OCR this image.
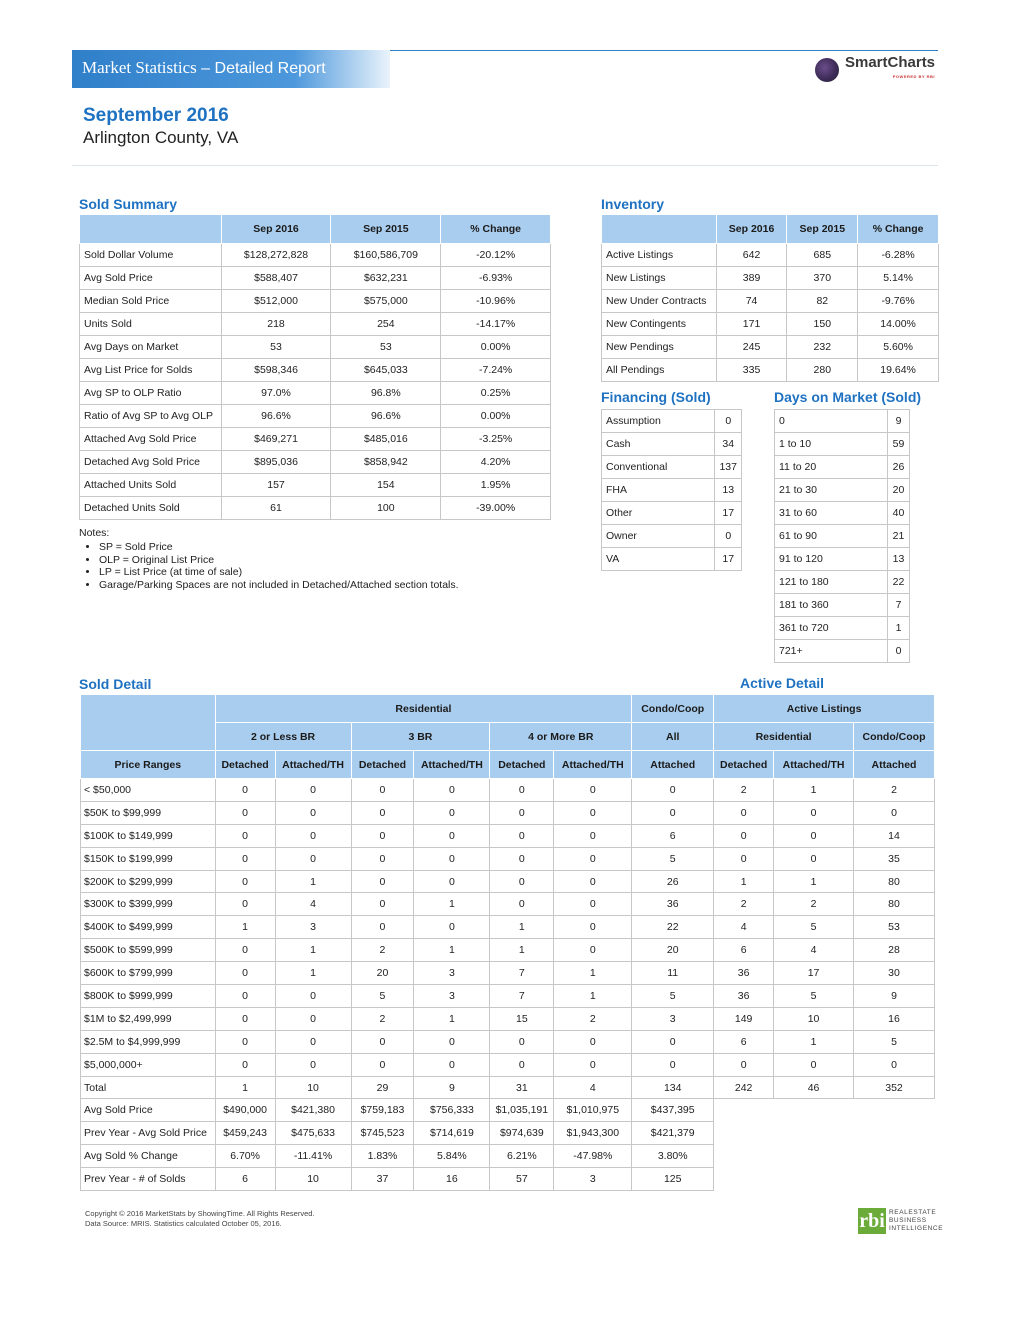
Market Statistics – Detailed Report	SmartCharts
POWERED BY RBI
September 2016
Arlington County, VA
Sold Summary
	Sep 2016	Sep 2015	% Change
Sold Dollar Volume	$128,272,828	$160,586,709	-20.12%
Avg Sold Price	$588,407	$632,231	-6.93%
Median Sold Price	$512,000	$575,000	-10.96%
Units Sold	218	254	-14.17%
Avg Days on Market	53	53	0.00%
Avg List Price for Solds	$598,346	$645,033	-7.24%
Avg SP to OLP Ratio	97.0%	96.8%	0.25%
Ratio of Avg SP to Avg OLP	96.6%	96.6%	0.00%
Attached Avg Sold Price	$469,271	$485,016	-3.25%
Detached Avg Sold Price	$895,036	$858,942	4.20%
Attached Units Sold	157	154	1.95%
Detached Units Sold	61	100	-39.00%
Notes:
• SP = Sold Price
• OLP = Original List Price
• LP = List Price (at time of sale)
• Garage/Parking Spaces are not included in Detached/Attached section totals.
Inventory
	Sep 2016	Sep 2015	% Change
Active Listings	642	685	-6.28%
New Listings	389	370	5.14%
New Under Contracts	74	82	-9.76%
New Contingents	171	150	14.00%
New Pendings	245	232	5.60%
All Pendings	335	280	19.64%
Financing (Sold)
Assumption	0
Cash	34
Conventional	137
FHA	13
Other	17
Owner	0
VA	17
Days on Market (Sold)
0	9
1 to 10	59
11 to 20	26
21 to 30	20
31 to 60	40
61 to 90	21
91 to 120	13
121 to 180	22
181 to 360	7
361 to 720	1
721+	0
Sold Detail	Active Detail
	Residential						Condo/Coop	Active Listings		
	2 or Less BR		3 BR		4 or More BR		All	Residential		Condo/Coop
Price Ranges	Detached	Attached/TH	Detached	Attached/TH	Detached	Attached/TH	Attached	Detached	Attached/TH	Attached
< $50,000	0	0	0	0	0	0	0	2	1	2
$50K to $99,999	0	0	0	0	0	0	0	0	0	0
$100K to $149,999	0	0	0	0	0	0	6	0	0	14
$150K to $199,999	0	0	0	0	0	0	5	0	0	35
$200K to $299,999	0	1	0	0	0	0	26	1	1	80
$300K to $399,999	0	4	0	1	0	0	36	2	2	80
$400K to $499,999	1	3	0	0	1	0	22	4	5	53
$500K to $599,999	0	1	2	1	1	0	20	6	4	28
$600K to $799,999	0	1	20	3	7	1	11	36	17	30
$800K to $999,999	0	0	5	3	7	1	5	36	5	9
$1M to $2,499,999	0	0	2	1	15	2	3	149	10	16
$2.5M to $4,999,999	0	0	0	0	0	0	0	6	1	5
$5,000,000+	0	0	0	0	0	0	0	0	0	0
Total	1	10	29	9	31	4	134	242	46	352
Avg Sold Price	$490,000	$421,380	$759,183	$756,333	$1,035,191	$1,010,975	$437,395			
Prev Year - Avg Sold Price	$459,243	$475,633	$745,523	$714,619	$974,639	$1,943,300	$421,379			
Avg Sold % Change	6.70%	-11.41%	1.83%	5.84%	6.21%	-47.98%	3.80%			
Prev Year - # of Solds	6	10	37	16	57	3	125			
Copyright © 2016 MarketStats by ShowingTime. All Rights Reserved.
Data Source: MRIS. Statistics calculated October 05, 2016.	rbi REALESTATE
BUSINESS
INTELLIGENCE
